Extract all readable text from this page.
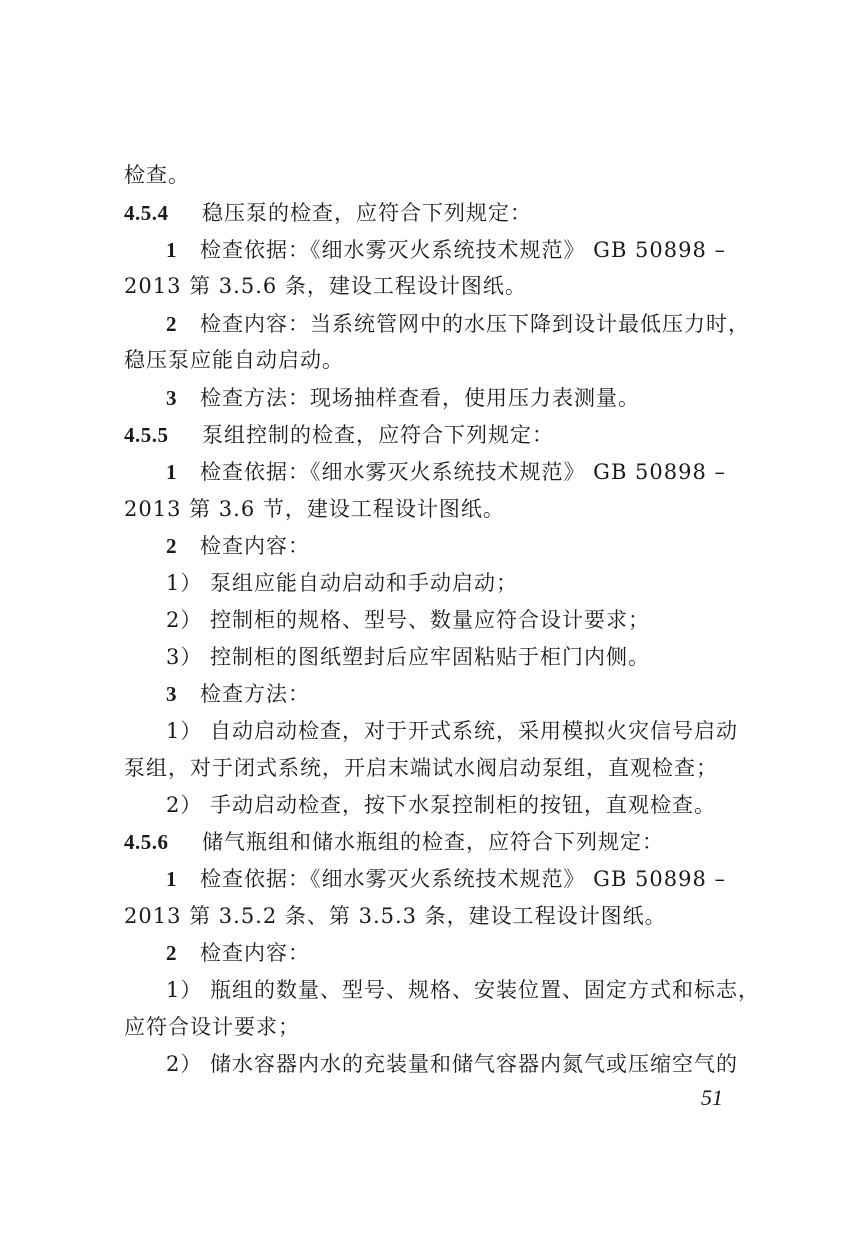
检查。
4.5.4 稳压泵的检查，应符合下列规定：
1 检查依据：《细水雾灭火系统技术规范》 GB 50898 –
2013 第 3.5.6 条，建设工程设计图纸。
2 检查内容：当系统管网中的水压下降到设计最低压力时，
稳压泵应能自动启动。
3 检查方法：现场抽样查看，使用压力表测量。
4.5.5 泵组控制的检查，应符合下列规定：
1 检查依据：《细水雾灭火系统技术规范》 GB 50898 –
2013 第 3.6 节，建设工程设计图纸。
2 检查内容：
1） 泵组应能自动启动和手动启动；
2） 控制柜的规格、型号、数量应符合设计要求；
3） 控制柜的图纸塑封后应牢固粘贴于柜门内侧。
3 检查方法：
1） 自动启动检查，对于开式系统，采用模拟火灾信号启动
泵组，对于闭式系统，开启末端试水阀启动泵组，直观检查；
2） 手动启动检查，按下水泵控制柜的按钮，直观检查。
4.5.6 储气瓶组和储水瓶组的检查，应符合下列规定：
1 检查依据：《细水雾灭火系统技术规范》 GB 50898 –
2013 第 3.5.2 条、第 3.5.3 条，建设工程设计图纸。
2 检查内容：
1） 瓶组的数量、型号、规格、安装位置、固定方式和标志，
应符合设计要求；
2） 储水容器内水的充装量和储气容器内氮气或压缩空气的
51
